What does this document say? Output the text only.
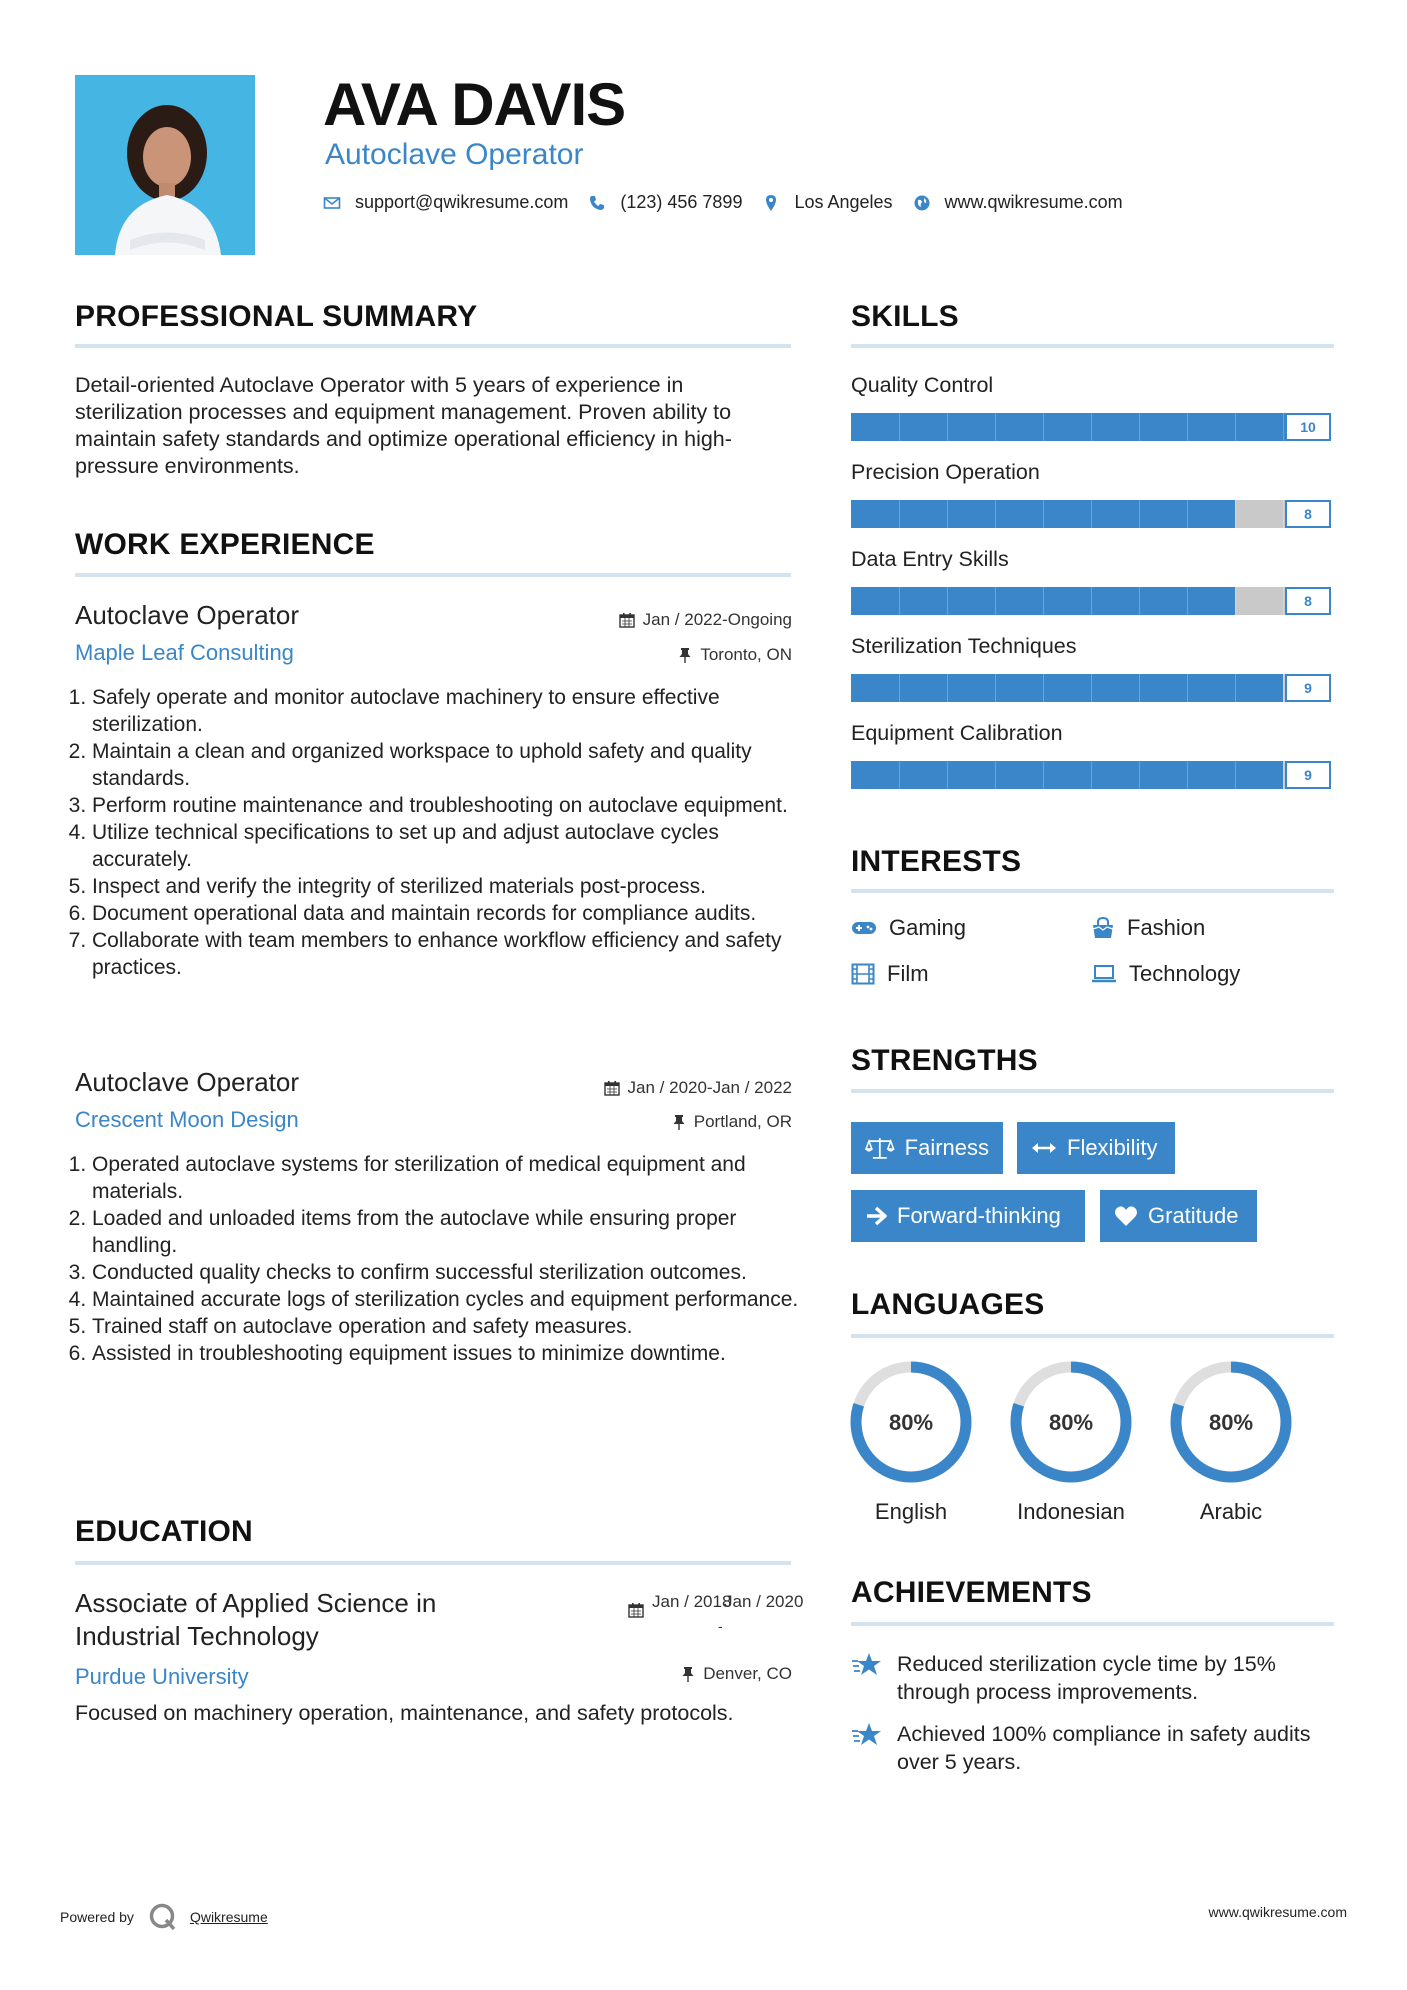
AVA DAVIS
Autoclave Operator
support@qwikresume.com	(123) 456 7899	Los Angeles	www.qwikresume.com
PROFESSIONAL SUMMARY
Detail-oriented Autoclave Operator with 5 years of experience in sterilization processes and equipment management. Proven ability to maintain safety standards and optimize operational efficiency in high-pressure environments.
WORK EXPERIENCE
Autoclave Operator	Jan / 2022-Ongoing
Maple Leaf Consulting	Toronto, ON
1. Safely operate and monitor autoclave machinery to ensure effective sterilization.
2. Maintain a clean and organized workspace to uphold safety and quality standards.
3. Perform routine maintenance and troubleshooting on autoclave equipment.
4. Utilize technical specifications to set up and adjust autoclave cycles accurately.
5. Inspect and verify the integrity of sterilized materials post-process.
6. Document operational data and maintain records for compliance audits.
7. Collaborate with team members to enhance workflow efficiency and safety practices.
Autoclave Operator	Jan / 2020-Jan / 2022
Crescent Moon Design	Portland, OR
1. Operated autoclave systems for sterilization of medical equipment and materials.
2. Loaded and unloaded items from the autoclave while ensuring proper handling.
3. Conducted quality checks to confirm successful sterilization outcomes.
4. Maintained accurate logs of sterilization cycles and equipment performance.
5. Trained staff on autoclave operation and safety measures.
6. Assisted in troubleshooting equipment issues to minimize downtime.
EDUCATION
Associate of Applied Science in Industrial Technology
Jan / 2018
-
Jan / 2020
Purdue University	Denver, CO
Focused on machinery operation, maintenance, and safety protocols.
SKILLS
Quality Control
10
Precision Operation
8
Data Entry Skills
8
Sterilization Techniques
9
Equipment Calibration
9
INTERESTS
Gaming	Fashion
Film	Technology
STRENGTHS
Fairness	Flexibility
Forward-thinking	Gratitude
LANGUAGES
80%
English
80%
Indonesian
80%
Arabic
ACHIEVEMENTS
Reduced sterilization cycle time by 15% through process improvements.
Achieved 100% compliance in safety audits over 5 years.
Powered by	Qwikresume	www.qwikresume.com
